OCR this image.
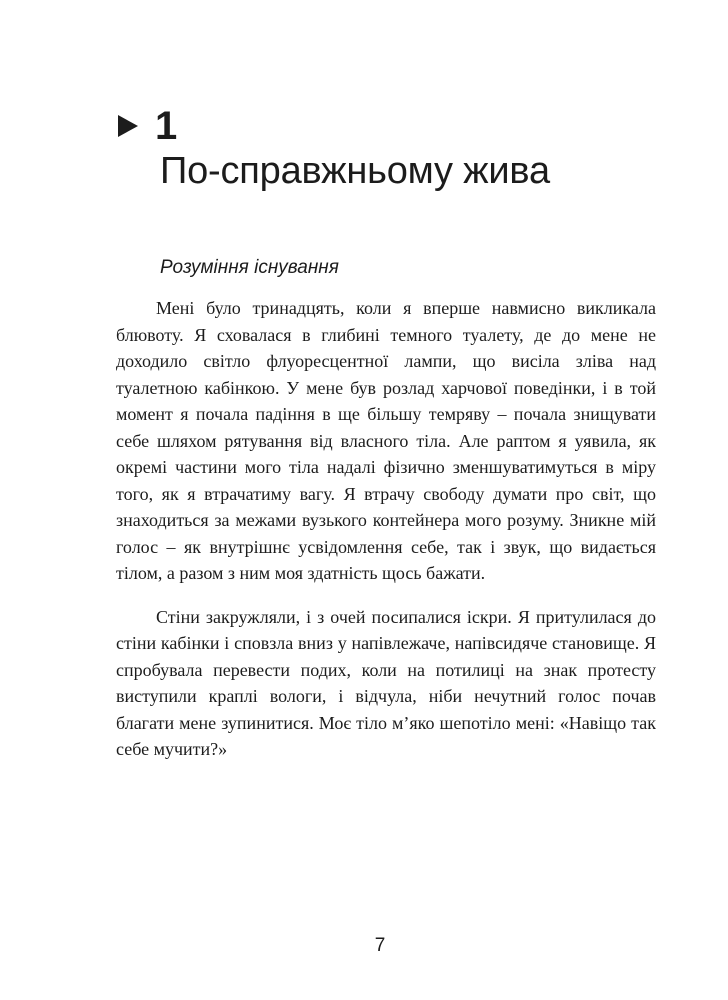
1
По-справжньому жива
Розуміння існування

Мені було тринадцять, коли я вперше навмисно викликала блювоту. Я сховалася в глибині темного туалету, де до мене не доходило світло флуоресцентної лампи, що висіла зліва над туалетною кабінкою. У мене був розлад харчової поведінки, і в той момент я почала падіння в ще більшу темряву – почала знищувати себе шляхом рятування від власного тіла. Але раптом я уявила, як окремі частини мого тіла надалі фізично зменшуватимуться в міру того, як я втрачатиму вагу. Я втрачу свободу думати про світ, що знаходиться за межами вузького контейнера мого розуму. Зникне мій голос – як внутрішнє усвідомлення себе, так і звук, що видається тілом, а разом з ним моя здатність щось бажати.

Стіни закружляли, і з очей посипалися іскри. Я притулилася до стіни кабінки і сповзла вниз у напівлежаче, напівсидяче становище. Я спробувала перевести подих, коли на потилиці на знак протесту виступили краплі вологи, і відчула, ніби нечутний голос почав благати мене зупинитися. Моє тіло м’яко шепотіло мені: «Навіщо так себе мучити?»

7
